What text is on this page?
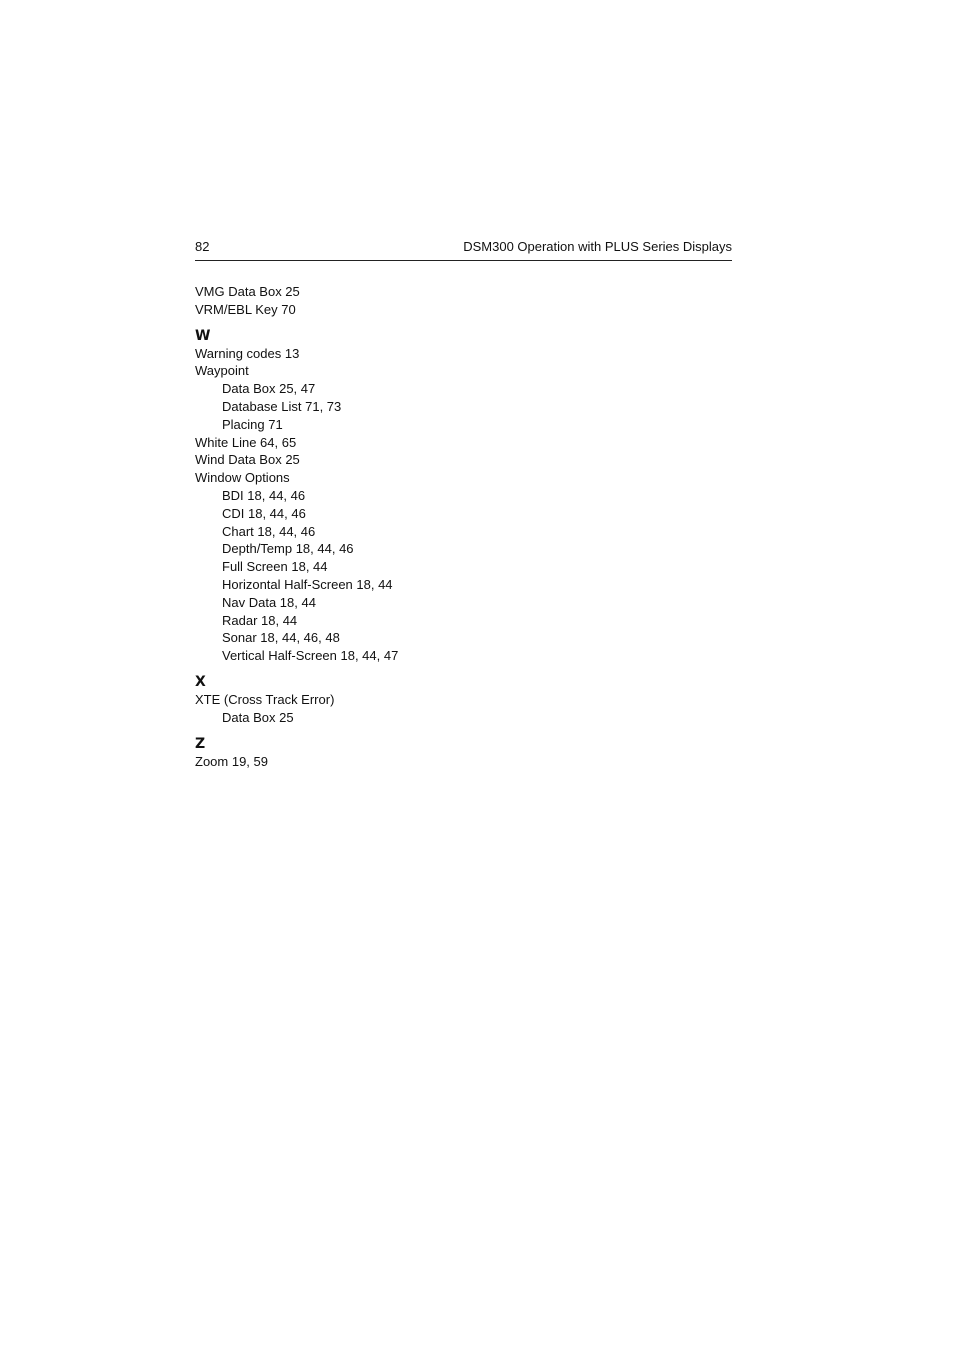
82	DSM300 Operation with PLUS Series Displays
VMG Data Box 25
VRM/EBL Key 70
W
Warning codes 13
Waypoint
Data Box 25, 47
Database List 71, 73
Placing 71
White Line 64, 65
Wind Data Box 25
Window Options
BDI 18, 44, 46
CDI 18, 44, 46
Chart 18, 44, 46
Depth/Temp 18, 44, 46
Full Screen 18, 44
Horizontal Half-Screen 18, 44
Nav Data 18, 44
Radar 18, 44
Sonar 18, 44, 46, 48
Vertical Half-Screen 18, 44, 47
X
XTE (Cross Track Error)
Data Box 25
Z
Zoom 19, 59
